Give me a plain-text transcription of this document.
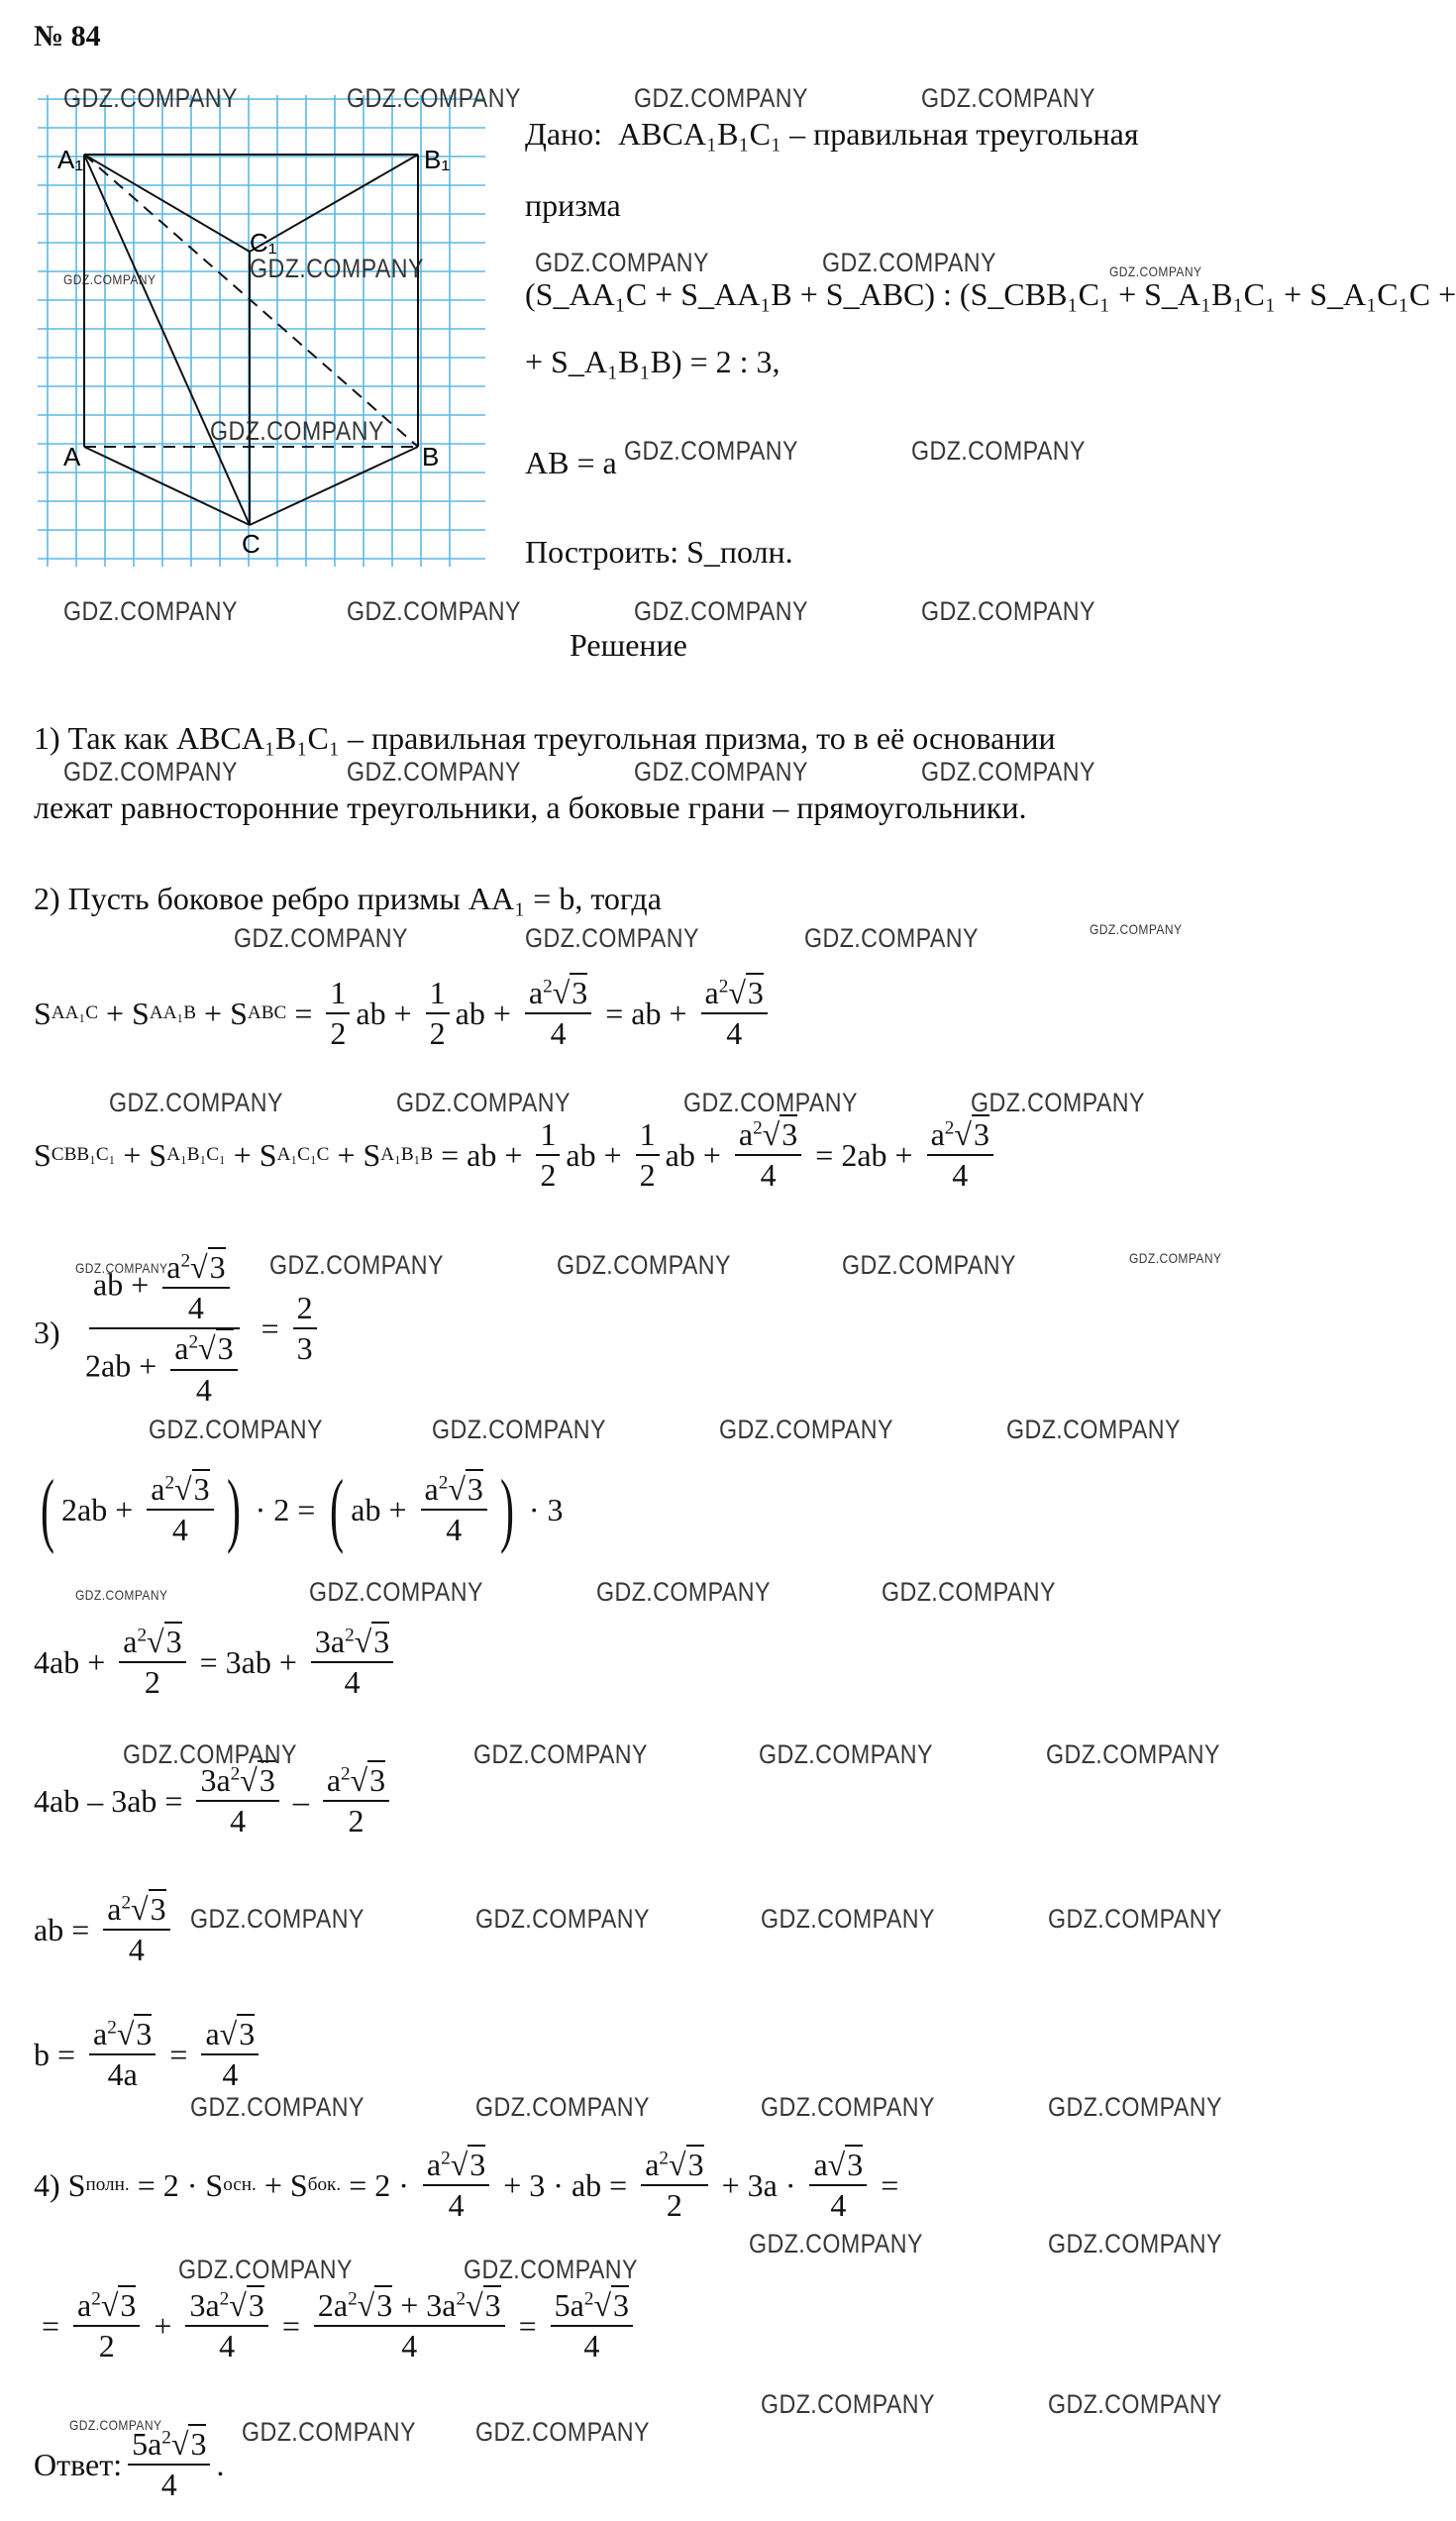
№ 84
A₁	B₁
C₁
A	B
C
Дано: ABCA₁B₁C₁ – правильная треугольная
призма
(S_AA₁C + S_AA₁B + S_ABC) : (S_CBB₁C₁ + S_A₁B₁C₁ + S_A₁C₁C +
+ S_A₁B₁B) = 2 : 3,
AB = a
Построить: S_полн.
Решение
1) Так как ABCA₁B₁C₁ – правильная треугольная призма, то в её основании
лежат равносторонние треугольники, а боковые грани – прямоугольники.
2) Пусть боковое ребро призмы AA₁ = b, тогда
S AA₁C + S AA₁B + S ABC = $\frac{1}{2}$ ab + $\frac{1}{2}$ ab + $\frac{a^2√3}{4}$ = ab + $\frac{a^2√3}{4}$
S CBB₁C₁ + S A₁B₁C₁ + S A₁C₁C + S A₁B₁B = ab + $\frac{1}{2}$ ab + $\frac{1}{2}$ ab + $\frac{a^2√3}{4} = 2ab + \frac{a^2√3}{4}$
$3) \frac{ab + \frac{a^2√3}{4}}{2ab + \frac{a^2√3}{4}} = \frac{2}{3}$
( $2ab + \frac{a^2√3}{4}$ ) · 2 = ( ab + $\frac{a^2√3}{4}$ ) · 3
$4ab + \frac{a^2√3}{2} = 3ab + \frac{3a^2√3}{4}$
$4ab - 3ab = \frac{3a^2√3}{4} - \frac{a^2√3}{2}$
ab = $\frac{a^2√3}{4}$
$b = \frac{a^2√3}{4a} = \frac{a√3}{4}$
4) S полн. = 2 · S осн. + S бок. = $2 \cdot \frac{a^2√3}{4} + 3$ · ab = $\frac{a^2√3}{2} + 3a \cdot \frac{a√3}{4}$ =
= $\frac{a^2√3}{2} + \frac{3a^2√3}{4} = \frac{2a^2√3 + 3a^2√3}{4} = \frac{5a^2√3}{4}$
Ответ: $\frac{5a^2√3}{4}$ .
GDZ.COMPANY	GDZ.COMPANY	GDZ.COMPANY	GDZ.COMPANY
GDZ.COMPANY	GDZ.COMPANY
GDZ.COMPANY
GDZ.COMPANY
GDZ.COMPANY	GDZ.COMPANY
GDZ.COMPANY	GDZ.COMPANY	GDZ.COMPANY	GDZ.COMPANY
GDZ.COMPANY	GDZ.COMPANY	GDZ.COMPANY	GDZ.COMPANY
GDZ.COMPANY	GDZ.COMPANY	GDZ.COMPANY
GDZ.COMPANY	GDZ.COMPANY	GDZ.COMPANY	GDZ.COMPANY
GDZ.COMPANY	GDZ.COMPANY	GDZ.COMPANY
GDZ.COMPANY	GDZ.COMPANY	GDZ.COMPANY	GDZ.COMPANY
GDZ.COMPANY	GDZ.COMPANY	GDZ.COMPANY
GDZ.COMPANY	GDZ.COMPANY	GDZ.COMPANY	GDZ.COMPANY
GDZ.COMPANY	GDZ.COMPANY	GDZ.COMPANY	GDZ.COMPANY
GDZ.COMPANY	GDZ.COMPANY	GDZ.COMPANY	GDZ.COMPANY
GDZ.COMPANY	GDZ.COMPANY
GDZ.COMPANY	GDZ.COMPANY
GDZ.COMPANY GDZ.COMPANY
GDZ.COMPANY	GDZ.COMPANY
GDZ.COMPANY
GDZ.COMPANY
GDZ.COMPANY
GDZ.COMPANY
GDZ.COMPANY
GDZ.COMPANY
GDZ.COMPANY
